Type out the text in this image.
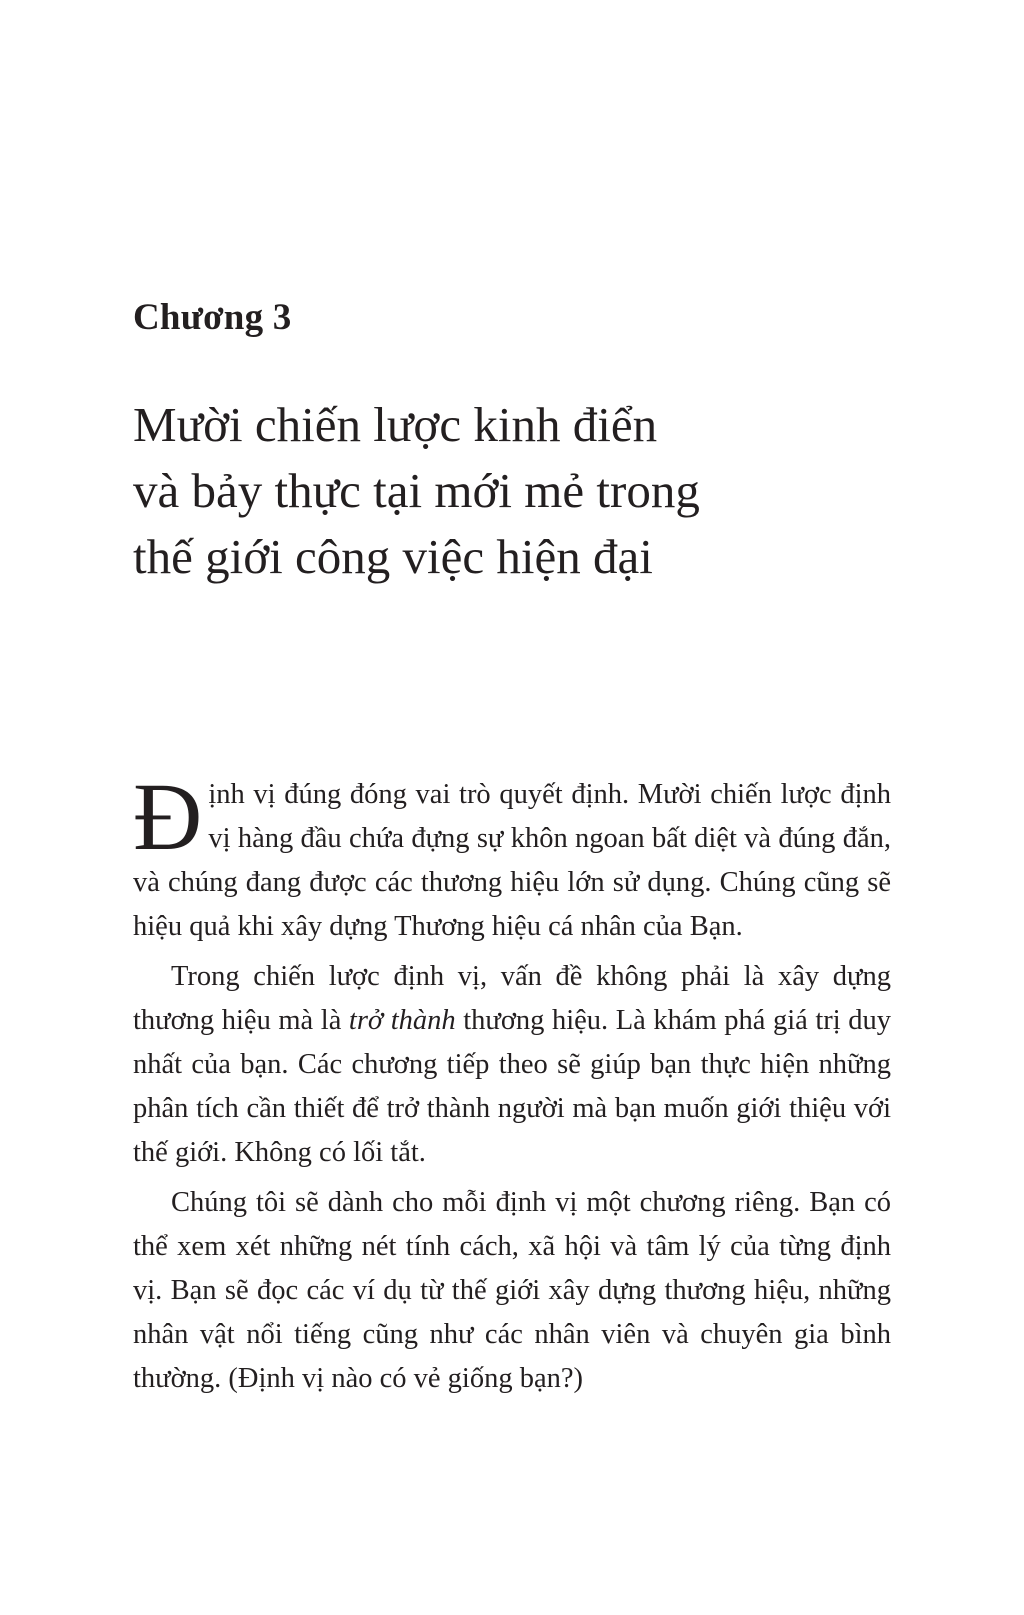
Chương 3
Mười chiến lược kinh điển
và bảy thực tại mới mẻ trong
thế giới công việc hiện đại

Định vị đúng đóng vai trò quyết định. Mười chiến lược định vị hàng đầu chứa đựng sự khôn ngoan bất diệt và đúng đắn, và chúng đang được các thương hiệu lớn sử dụng. Chúng cũng sẽ hiệu quả khi xây dựng Thương hiệu cá nhân của Bạn.

Trong chiến lược định vị, vấn đề không phải là xây dựng thương hiệu mà là trở thành thương hiệu. Là khám phá giá trị duy nhất của bạn. Các chương tiếp theo sẽ giúp bạn thực hiện những phân tích cần thiết để trở thành người mà bạn muốn giới thiệu với thế giới. Không có lối tắt.

Chúng tôi sẽ dành cho mỗi định vị một chương riêng. Bạn có thể xem xét những nét tính cách, xã hội và tâm lý của từng định vị. Bạn sẽ đọc các ví dụ từ thế giới xây dựng thương hiệu, những nhân vật nổi tiếng cũng như các nhân viên và chuyên gia bình thường. (Định vị nào có vẻ giống bạn?)
